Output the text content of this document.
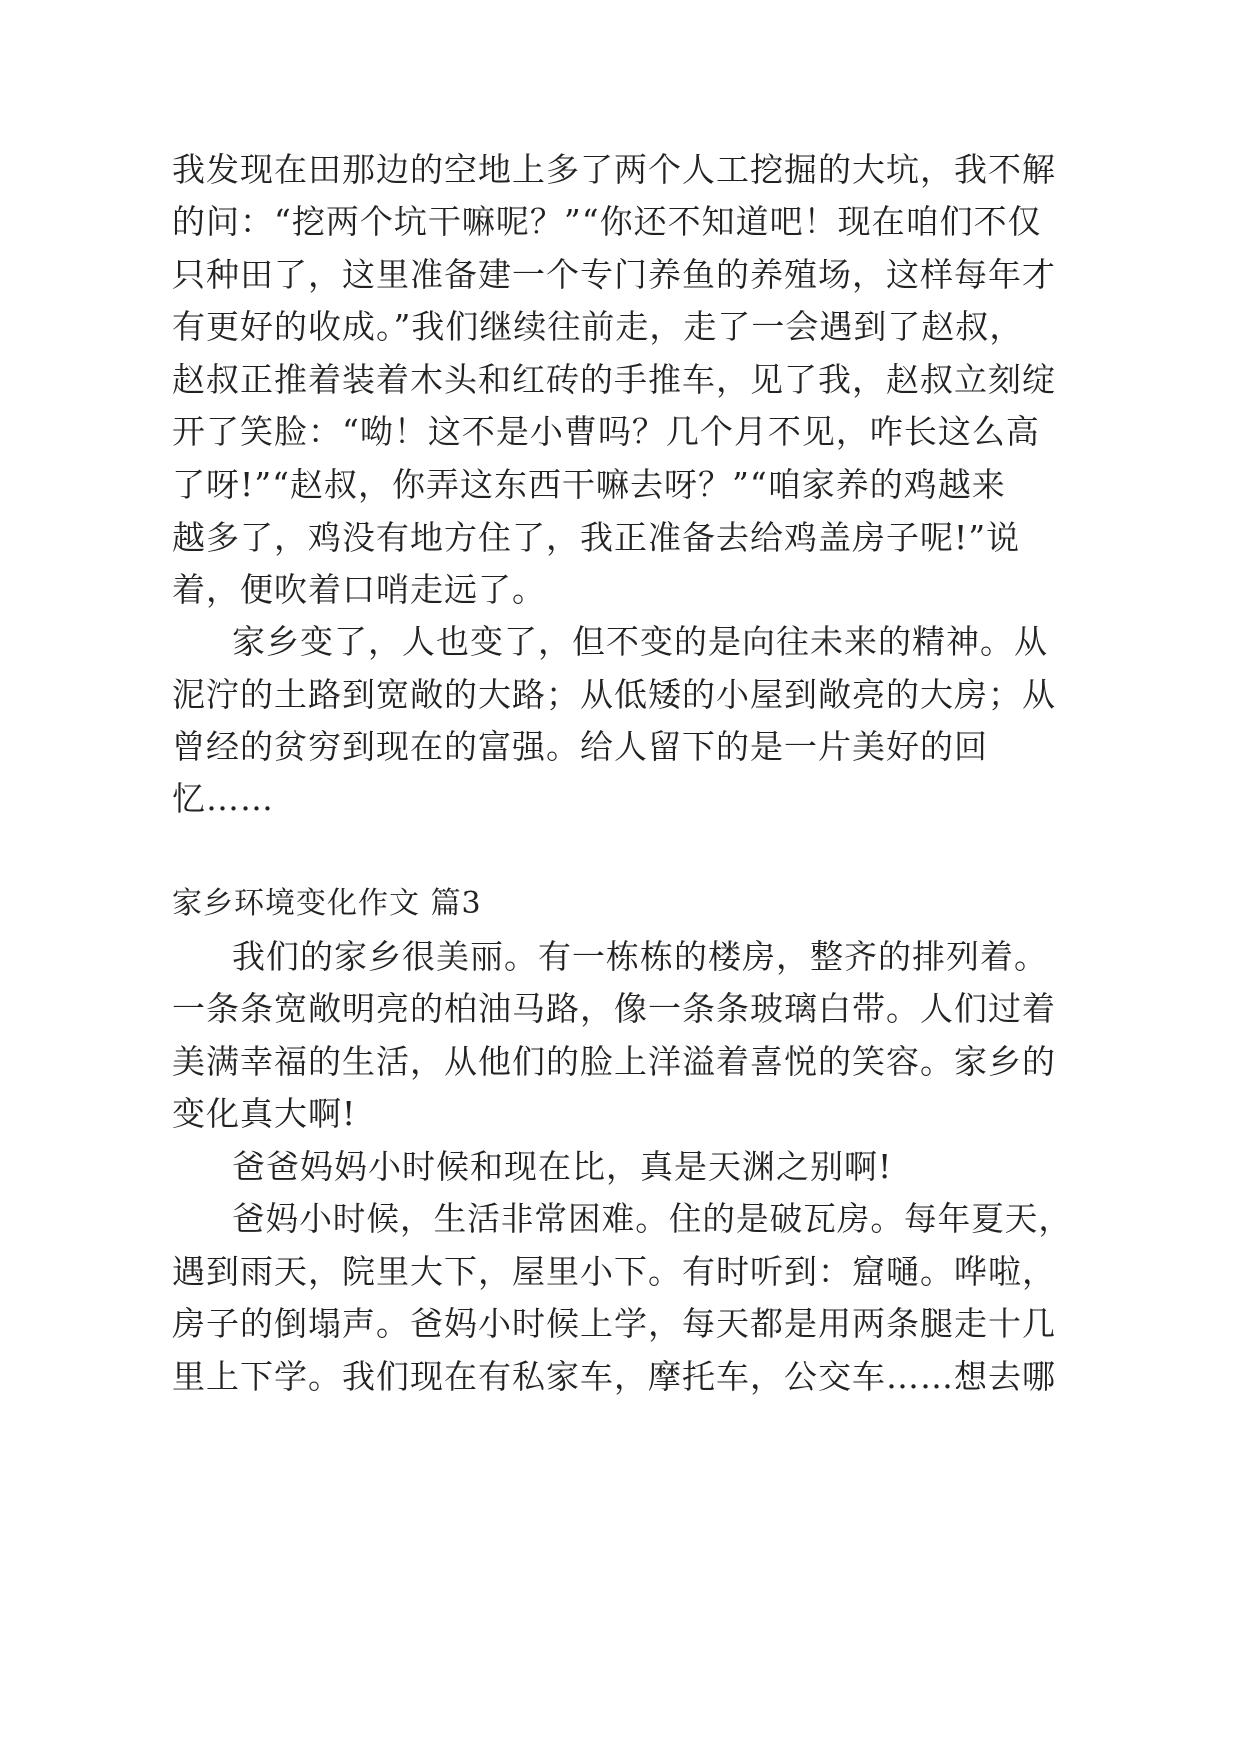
我发现在田那边的空地上多了两个人工挖掘的大坑，我不解
的问：“挖两个坑干嘛呢？”“你还不知道吧！现在咱们不仅
只种田了，这里准备建一个专门养鱼的养殖场，这样每年才
有更好的收成。”我们继续往前走，走了一会遇到了赵叔，
赵叔正推着装着木头和红砖的手推车，见了我，赵叔立刻绽
开了笑脸：“呦！这不是小曹吗？几个月不见，咋长这么高
了呀!”“赵叔，你弄这东西干嘛去呀？”“咱家养的鸡越来
越多了，鸡没有地方住了，我正准备去给鸡盖房子呢!”说
着，便吹着口哨走远了。
家乡变了，人也变了，但不变的是向往未来的精神。从
泥泞的土路到宽敞的大路；从低矮的小屋到敞亮的大房；从
曾经的贫穷到现在的富强。给人留下的是一片美好的回
忆……
家乡环境变化作文 篇3
我们的家乡很美丽。有一栋栋的楼房，整齐的排列着。
一条条宽敞明亮的柏油马路，像一条条玻璃白带。人们过着
美满幸福的生活，从他们的脸上洋溢着喜悦的笑容。家乡的
变化真大啊!
爸爸妈妈小时候和现在比，真是天渊之别啊!
爸妈小时候，生活非常困难。住的是破瓦房。每年夏天，
遇到雨天，院里大下，屋里小下。有时听到：窟嗵。哗啦，
房子的倒塌声。爸妈小时候上学，每天都是用两条腿走十几
里上下学。我们现在有私家车，摩托车，公交车……想去哪
